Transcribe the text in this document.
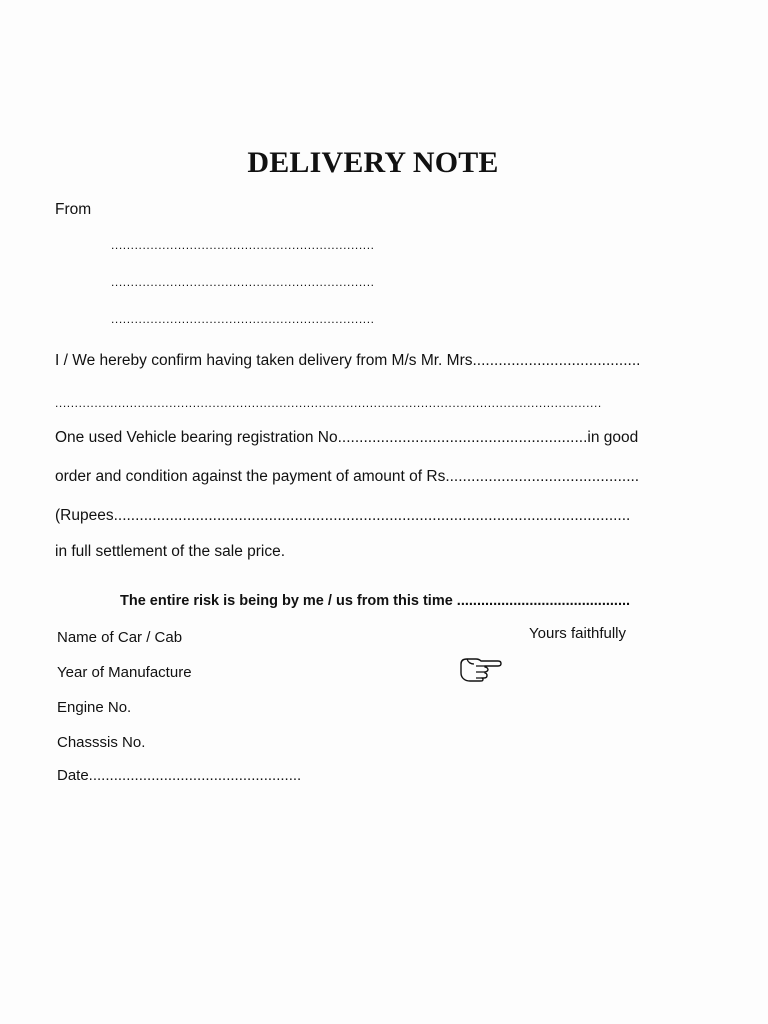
DELIVERY NOTE
From
...................................................................
...................................................................
...................................................................
I / We hereby confirm having taken delivery from M/s Mr. Mrs.......................................
...........................................................................................................................................
One used Vehicle bearing registration No..........................................................in good
order and condition against the payment of amount of Rs.............................................
(Rupees........................................................................................................................
in full settlement of the sale price.
The entire risk is being by me / us from this time ...........................................
Name of Car / Cab	Yours faithfully
Year of Manufacture
Engine No.
Chasssis No.
Date...................................................
